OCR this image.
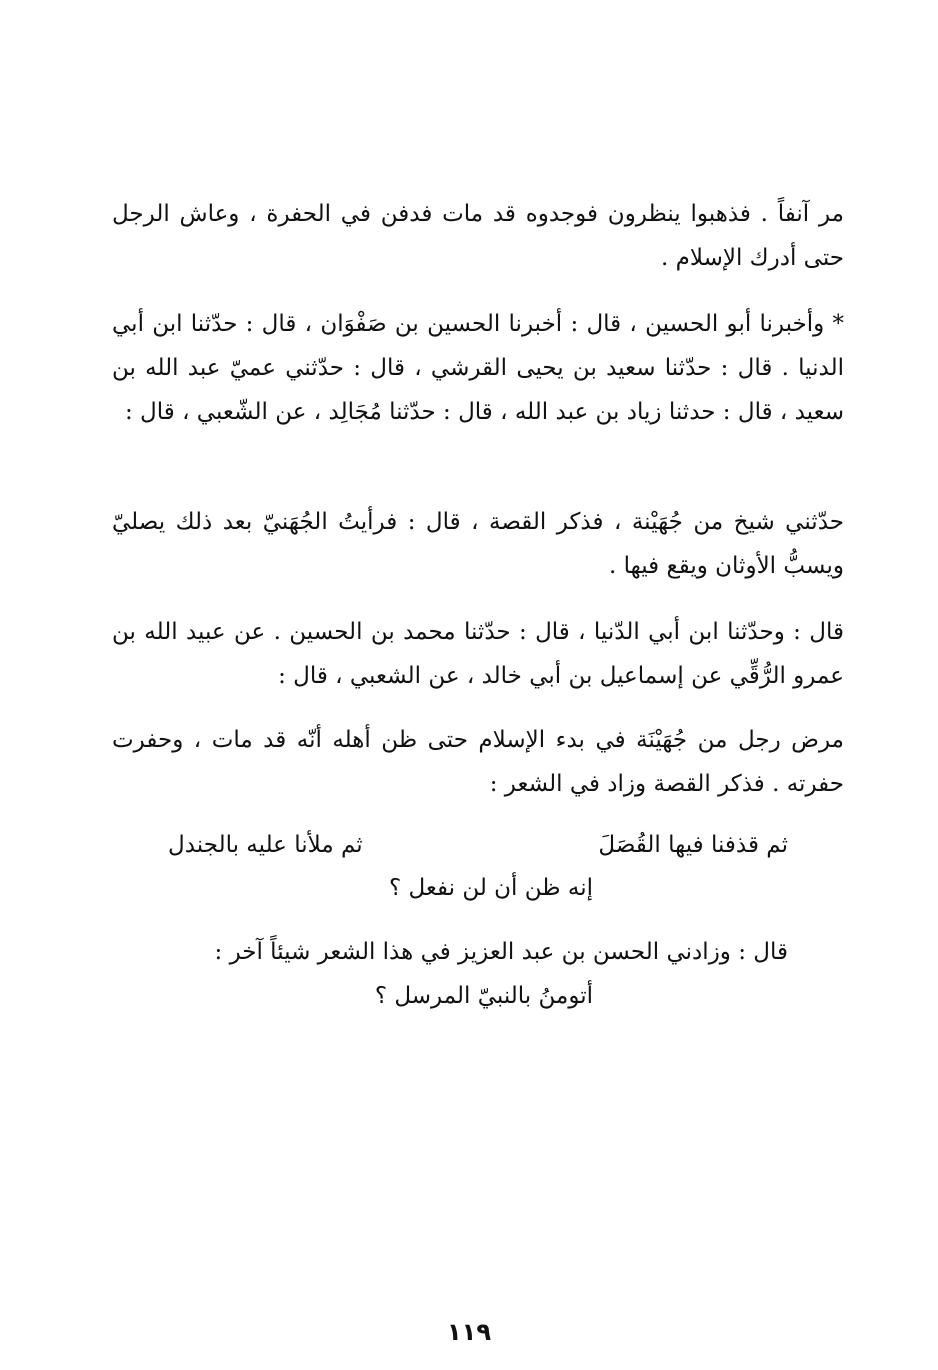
مر آنفاً . فذهبوا ينظرون فوجدوه قد مات فدفن في الحفرة ، وعاش الرجل حتى أدرك الإسلام .
* وأخبرنا أبو الحسين ، قال : أخبرنا الحسين بن صَفْوَان ، قال : حدّثنا ابن أبي الدنيا . قال : حدّثنا سعيد بن يحيى القرشي ، قال : حدّثني عميّ عبد الله بن سعيد ، قال : حدثنا زياد بن عبد الله ، قال : حدّثنا مُجَالِد ، عن الشّعبي ، قال :
حدّثني شيخ من جُهَيْنة ، فذكر القصة ، قال : فرأيتُ الجُهَنيّ بعد ذلك يصليّ ويسبُّ الأوثان ويقع فيها .
قال : وحدّثنا ابن أبي الدّنيا ، قال : حدّثنا محمد بن الحسين . عن عبيد الله بن عمرو الرُّقِّي عن إسماعيل بن أبي خالد ، عن الشعبي ، قال :
مرض رجل من جُهَيْنَة في بدء الإسلام حتى ظن أهله أنّه قد مات ، وحفرت حفرته . فذكر القصة وزاد في الشعر :
ثم قذفنا فيها القُصَلَ
ثم ملأنا عليه بالجندل
إنه ظن أن لن نفعل ؟
قال : وزادني الحسن بن عبد العزيز في هذا الشعر شيئاً آخر :
أتومنُ بالنبيّ المرسل ؟
١١٩
